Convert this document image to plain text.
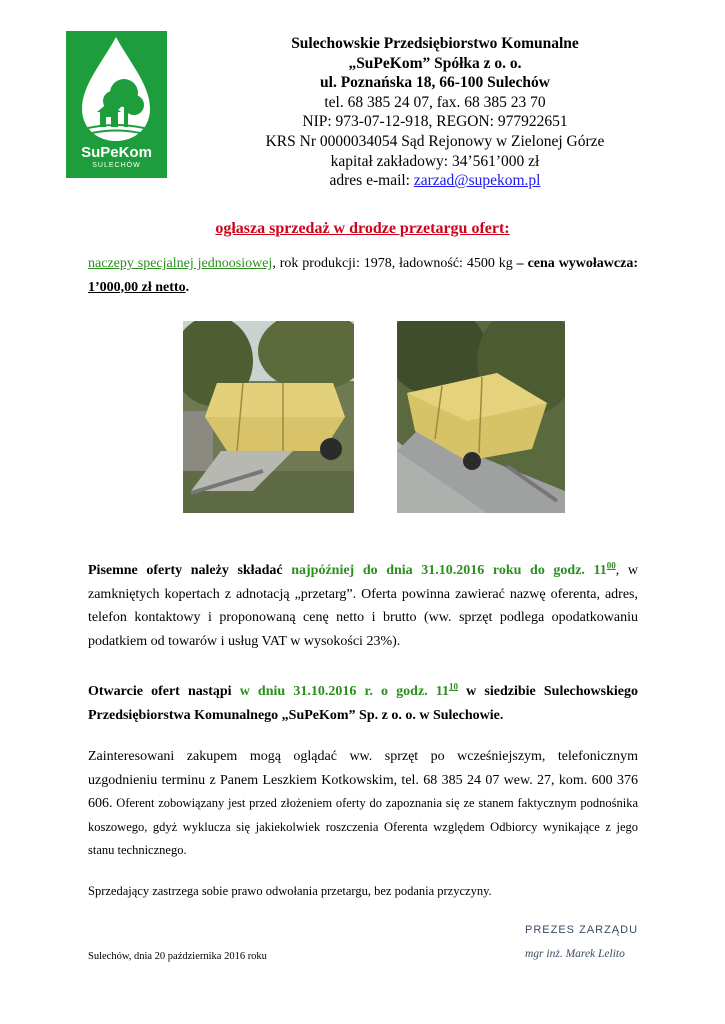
SuPeKom
SULECHÓW
Sulechowskie Przedsiębiorstwo Komunalne
„SuPeKom” Spółka z o. o.
ul. Poznańska 18, 66-100 Sulechów
tel. 68 385 24 07, fax. 68 385 23 70
NIP: 973-07-12-918, REGON: 977922651
KRS Nr 0000034054 Sąd Rejonowy w Zielonej Górze
kapitał zakładowy: 34’561’000 zł
adres e-mail: zarzad@supekom.pl
ogłasza sprzedaż w drodze przetargu ofert:
naczepy specjalnej jednoosiowej, rok produkcji: 1978, ładowność: 4500 kg – cena wywoławcza: 1’000,00 zł netto.
Pisemne oferty należy składać najpóźniej do dnia 31.10.2016 roku do godz. $11^{00}$, w zamkniętych kopertach z adnotacją „przetarg”. Oferta powinna zawierać nazwę oferenta, adres, telefon kontaktowy i proponowaną cenę netto i brutto (ww. sprzęt podlega opodatkowaniu podatkiem od towarów i usług VAT w wysokości 23%).
Otwarcie ofert nastąpi w dniu 31.10.2016 r. o godz. $11^{10}$ w siedzibie Sulechowskiego Przedsiębiorstwa Komunalnego „SuPeKom” Sp. z o. o. w Sulechowie.
Zainteresowani zakupem mogą oglądać ww. sprzęt po wcześniejszym, telefonicznym uzgodnieniu terminu z Panem Leszkiem Kotkowskim, tel. 68 385 24 07 wew. 27, kom. 600 376 606. Oferent zobowiązany jest przed złożeniem oferty do zapoznania się ze stanem faktycznym podnośnika koszowego, gdyż wyklucza się jakiekolwiek roszczenia Oferenta względem Odbiorcy wynikające z jego stanu technicznego.
Sprzedający zastrzega sobie prawo odwołania przetargu, bez podania przyczyny.
PREZES ZARZĄDU
mgr inż. Marek Lelito
Sulechów, dnia 20 października 2016 roku
